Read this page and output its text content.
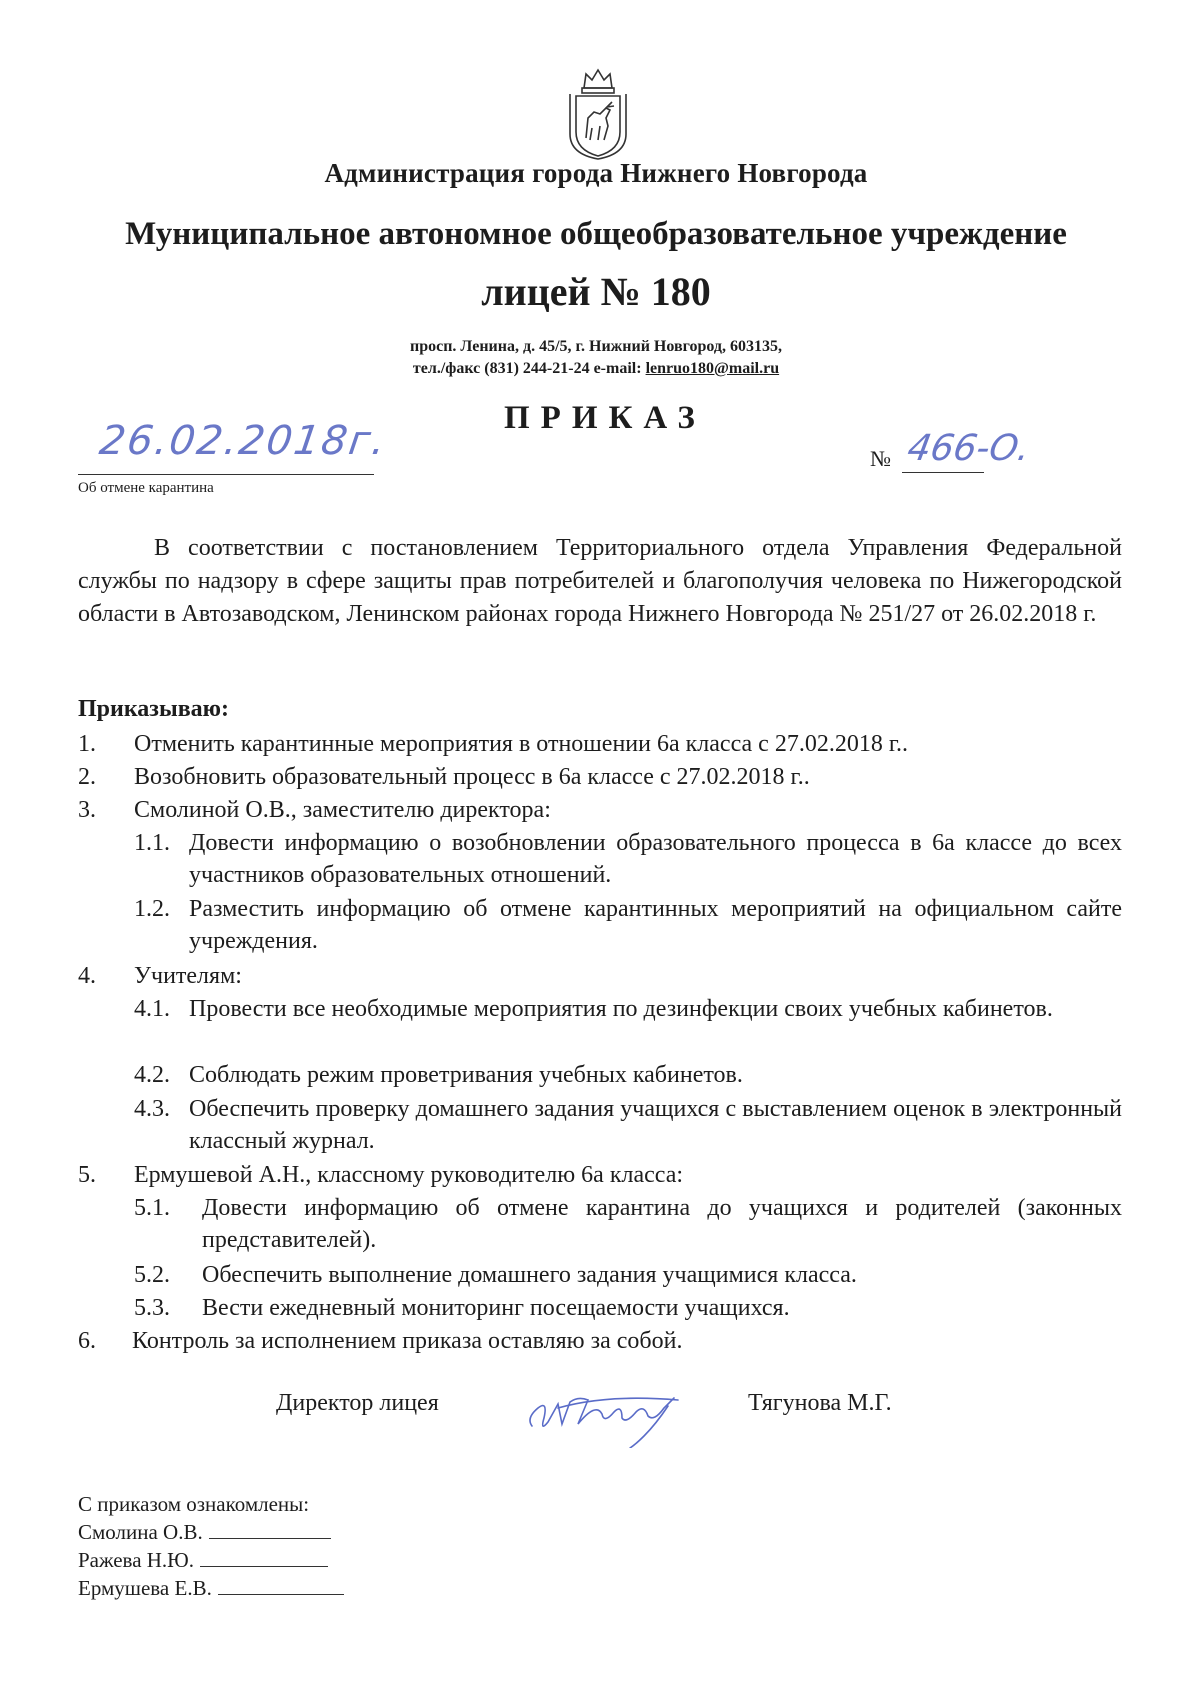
Администрация города Нижнего Новгорода
Муниципальное автономное общеобразовательное учреждение
лицей № 180
просп. Ленина, д. 45/5, г. Нижний Новгород, 603135,
тел./факс (831) 244-21-24 e-mail: lenruo180@mail.ru
ПРИКАЗ
26.02.2018г.
Об отмене карантина
№ 466-О.

В соответствии с постановлением Территориального отдела Управления Федеральной службы по надзору в сфере защиты прав потребителей и благополучия человека по Нижегородской области в Автозаводском, Ленинском районах города Нижнего Новгорода № 251/27 от 26.02.2018 г.

Приказываю:
1. Отменить карантинные мероприятия в отношении 6а класса с 27.02.2018 г..
2. Возобновить образовательный процесс в 6а классе с 27.02.2018 г..
3. Смолиной О.В., заместителю директора:
1.1. Довести информацию о возобновлении образовательного процесса в 6а классе до всех участников образовательных отношений.
1.2. Разместить информацию об отмене карантинных мероприятий на официальном сайте учреждения.
4. Учителям:
4.1. Провести все необходимые мероприятия по дезинфекции своих учебных кабинетов.
4.2. Соблюдать режим проветривания учебных кабинетов.
4.3. Обеспечить проверку домашнего задания учащихся с выставлением оценок в электронный классный журнал.
5. Ермушевой А.Н., классному руководителю 6а класса:
5.1. Довести информацию об отмене карантина до учащихся и родителей (законных представителей).
5.2. Обеспечить выполнение домашнего задания учащимися класса.
5.3. Вести ежедневный мониторинг посещаемости учащихся.
6. Контроль за исполнением приказа оставляю за собой.
Директор лицея	Тягунова М.Г.
С приказом ознакомлены:
Смолина О.В.
Ражева Н.Ю.
Ермушева Е.В.
